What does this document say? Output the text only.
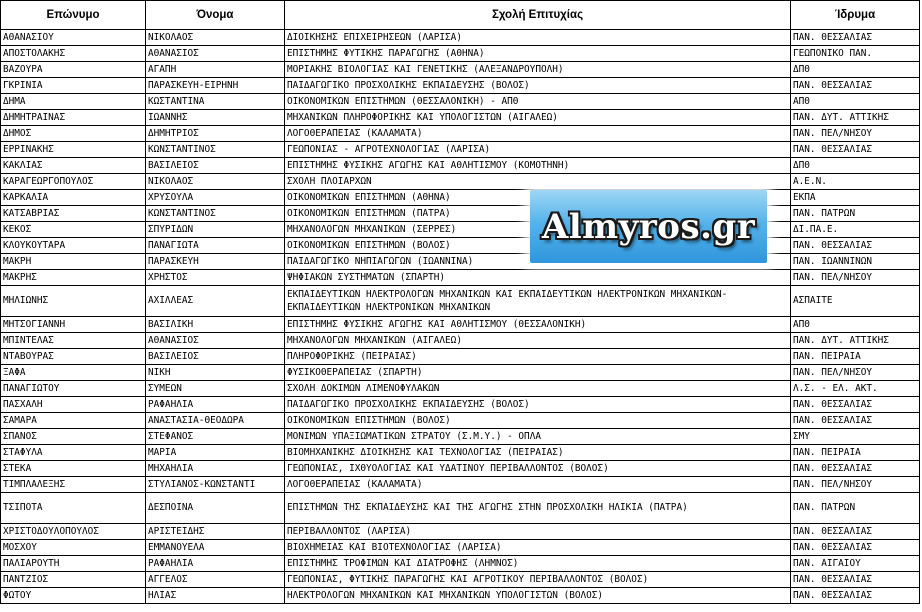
Επώνυμο	Όνομα	Σχολή Επιτυχίας	Ίδρυμα
ΑΘΑΝΑΣΙΟΥ	ΝΙΚΟΛΑΟΣ	ΔΙΟΙΚΗΣΗΣ ΕΠΙΧΕΙΡΗΣΕΩΝ (ΛΑΡΙΣΑ)	ΠΑΝ. ΘΕΣΣΑΛΙΑΣ
ΑΠΟΣΤΟΛΑΚΗΣ	ΑΘΑΝΑΣΙΟΣ	ΕΠΙΣΤΗΜΗΣ ΦΥΤΙΚΗΣ ΠΑΡΑΓΩΓΗΣ (ΑΘΗΝΑ)	ΓΕΩΠΟΝΙΚΟ ΠΑΝ.
ΒΑΖΟΥΡΑ	ΑΓΑΠΗ	ΜΟΡΙΑΚΗΣ ΒΙΟΛΟΓΙΑΣ ΚΑΙ ΓΕΝΕΤΙΚΗΣ (ΑΛΕΞΑΝΔΡΟΥΠΟΛΗ)	ΔΠΘ
ΓΚΡΙΝΙΑ	ΠΑΡΑΣΚΕΥΗ-ΕΙΡΗΝΗ	ΠΑΙΔΑΓΩΓΙΚΟ ΠΡΟΣΧΟΛΙΚΗΣ ΕΚΠΑΙΔΕΥΣΗΣ (ΒΟΛΟΣ)	ΠΑΝ. ΘΕΣΣΑΛΙΑΣ
ΔΗΜΑ	ΚΩΣΤΑΝΤΙΝΑ	ΟΙΚΟΝΟΜΙΚΩΝ ΕΠΙΣΤΗΜΩΝ (ΘΕΣΣΑΛΟΝΙΚΗ) - ΑΠΘ	ΑΠΘ
ΔΗΜΗΤΡΑΙΝΑΣ	ΙΩΑΝΝΗΣ	ΜΗΧΑΝΙΚΩΝ ΠΛΗΡΟΦΟΡΙΚΗΣ ΚΑΙ ΥΠΟΛΟΓΙΣΤΩΝ (ΑΙΓΑΛΕΩ)	ΠΑΝ. ΔΥΤ. ΑΤΤΙΚΗΣ
ΔΗΜΟΣ	ΔΗΜΗΤΡΙΟΣ	ΛΟΓΟΘΕΡΑΠΕΙΑΣ (ΚΑΛΑΜΑΤΑ)	ΠΑΝ. ΠΕΛ/ΝΗΣΟΥ
ΕΡΡΙΝΑΚΗΣ	ΚΩΝΣΤΑΝΤΙΝΟΣ	ΓΕΩΠΟΝΙΑΣ - ΑΓΡΟΤΕΧΝΟΛΟΓΙΑΣ (ΛΑΡΙΣΑ)	ΠΑΝ. ΘΕΣΣΑΛΙΑΣ
ΚΑΚΛΙΑΣ	ΒΑΣΙΛΕΙΟΣ	ΕΠΙΣΤΗΜΗΣ ΦΥΣΙΚΗΣ ΑΓΩΓΗΣ ΚΑΙ ΑΘΛΗΤΙΣΜΟΥ (ΚΟΜΟΤΗΝΗ)	ΔΠΘ
ΚΑΡΑΓΕΩΡΓΟΠΟΥΛΟΣ	ΝΙΚΟΛΑΟΣ	ΣΧΟΛΗ ΠΛΟΙΑΡΧΩΝ	Α.Ε.Ν.
ΚΑΡΚΑΛΙΑ	ΧΡΥΣΟΥΛΑ	ΟΙΚΟΝΟΜΙΚΩΝ ΕΠΙΣΤΗΜΩΝ (ΑΘΗΝΑ)	ΕΚΠΑ
ΚΑΤΣΑΒΡΙΑΣ	ΚΩΝΣΤΑΝΤΙΝΟΣ	ΟΙΚΟΝΟΜΙΚΩΝ ΕΠΙΣΤΗΜΩΝ (ΠΑΤΡΑ)	ΠΑΝ. ΠΑΤΡΩΝ
ΚΕΚΟΣ	ΣΠΥΡΙΔΩΝ	ΜΗΧΑΝΟΛΟΓΩΝ ΜΗΧΑΝΙΚΩΝ (ΣΕΡΡΕΣ)	ΔΙ.ΠΑ.Ε.
ΚΛΟΥΚΟΥΤΑΡΑ	ΠΑΝΑΓΙΩΤΑ	ΟΙΚΟΝΟΜΙΚΩΝ ΕΠΙΣΤΗΜΩΝ (ΒΟΛΟΣ)	ΠΑΝ. ΘΕΣΣΑΛΙΑΣ
ΜΑΚΡΗ	ΠΑΡΑΣΚΕΥΗ	ΠΑΙΔΑΓΩΓΙΚΟ ΝΗΠΙΑΓΩΓΩΝ (ΙΩΑΝΝΙΝΑ)	ΠΑΝ. ΙΩΑΝΝΙΝΩΝ
ΜΑΚΡΗΣ	ΧΡΗΣΤΟΣ	ΨΗΦΙΑΚΩΝ ΣΥΣΤΗΜΑΤΩΝ (ΣΠΑΡΤΗ)	ΠΑΝ. ΠΕΛ/ΝΗΣΟΥ
ΜΗΛΙΩΝΗΣ	ΑΧΙΛΛΕΑΣ	ΕΚΠΑΙΔΕΥΤΙΚΩΝ ΗΛΕΚΤΡΟΛΟΓΩΝ ΜΗΧΑΝΙΚΩΝ ΚΑΙ ΕΚΠΑΙΔΕΥΤΙΚΩΝ ΗΛΕΚΤΡΟΝΙΚΩΝ ΜΗΧΑΝΙΚΩΝ- ΕΚΠΑΙΔΕΥΤΙΚΩΝ ΗΛΕΚΤΡΟΝΙΚΩΝ ΜΗΧΑΝΙΚΩΝ	ΑΣΠΑΙΤΕ
ΜΗΤΣΟΓΙΑΝΝΗ	ΒΑΣΙΛΙΚΗ	ΕΠΙΣΤΗΜΗΣ ΦΥΣΙΚΗΣ ΑΓΩΓΗΣ ΚΑΙ ΑΘΛΗΤΙΣΜΟΥ (ΘΕΣΣΑΛΟΝΙΚΗ)	ΑΠΘ
ΜΠΙΝΤΕΛΑΣ	ΑΘΑΝΑΣΙΟΣ	ΜΗΧΑΝΟΛΟΓΩΝ ΜΗΧΑΝΙΚΩΝ (ΑΙΓΑΛΕΩ)	ΠΑΝ. ΔΥΤ. ΑΤΤΙΚΗΣ
ΝΤΑΒΟΥΡΑΣ	ΒΑΣΙΛΕΙΟΣ	ΠΛΗΡΟΦΟΡΙΚΗΣ (ΠΕΙΡΑΙΑΣ)	ΠΑΝ. ΠΕΙΡΑΙΑ
ΞΑΦΑ	ΝΙΚΗ	ΦΥΣΙΚΟΘΕΡΑΠΕΙΑΣ (ΣΠΑΡΤΗ)	ΠΑΝ. ΠΕΛ/ΝΗΣΟΥ
ΠΑΝΑΓΙΩΤΟΥ	ΣΥΜΕΩΝ	ΣΧΟΛΗ ΔΟΚΙΜΩΝ ΛΙΜΕΝΟΦΥΛΑΚΩΝ	Λ.Σ. - ΕΛ. ΑΚΤ.
ΠΑΣΧΑΛΗ	ΡΑΦΑΗΛΙΑ	ΠΑΙΔΑΓΩΓΙΚΟ ΠΡΟΣΧΟΛΙΚΗΣ ΕΚΠΑΙΔΕΥΣΗΣ (ΒΟΛΟΣ)	ΠΑΝ. ΘΕΣΣΑΛΙΑΣ
ΣΑΜΑΡΑ	ΑΝΑΣΤΑΣΙΑ-ΘΕΟΔΩΡΑ	ΟΙΚΟΝΟΜΙΚΩΝ ΕΠΙΣΤΗΜΩΝ (ΒΟΛΟΣ)	ΠΑΝ. ΘΕΣΣΑΛΙΑΣ
ΣΠΑΝΟΣ	ΣΤΕΦΑΝΟΣ	ΜΟΝΙΜΩΝ ΥΠΑΞΙΩΜΑΤΙΚΩΝ ΣΤΡΑΤΟΥ (Σ.Μ.Υ.) - ΟΠΛΑ	ΣΜΥ
ΣΤΑΦΥΛΑ	ΜΑΡΙΑ	ΒΙΟΜΗΧΑΝΙΚΗΣ ΔΙΟΙΚΗΣΗΣ ΚΑΙ ΤΕΧΝΟΛΟΓΙΑΣ (ΠΕΙΡΑΙΑΣ)	ΠΑΝ. ΠΕΙΡΑΙΑ
ΣΤΕΚΑ	ΜΗΧΑΗΛΙΑ	ΓΕΩΠΟΝΙΑΣ, ΙΧΘΥΟΛΟΓΙΑΣ ΚΑΙ ΥΔΑΤΙΝΟΥ ΠΕΡΙΒΑΛΛΟΝΤΟΣ (ΒΟΛΟΣ)	ΠΑΝ. ΘΕΣΣΑΛΙΑΣ
ΤΙΜΠΛΑΛΕΞΗΣ	ΣΤΥΛΙΑΝΟΣ-ΚΩΝΣΤΑΝΤΙ	ΛΟΓΟΘΕΡΑΠΕΙΑΣ (ΚΑΛΑΜΑΤΑ)	ΠΑΝ. ΠΕΛ/ΝΗΣΟΥ
ΤΣΙΠΟΤΑ	ΔΕΣΠΟΙΝΑ	ΕΠΙΣΤΗΜΩΝ ΤΗΣ ΕΚΠΑΙΔΕΥΣΗΣ ΚΑΙ ΤΗΣ ΑΓΩΓΗΣ ΣΤΗΝ ΠΡΟΣΧΟΛΙΚΗ ΗΛΙΚΙΑ (ΠΑΤΡΑ)	ΠΑΝ. ΠΑΤΡΩΝ
ΧΡΙΣΤΟΔΟΥΛΟΠΟΥΛΟΣ	ΑΡΙΣΤΕΙΔΗΣ	ΠΕΡΙΒΑΛΛΟΝΤΟΣ (ΛΑΡΙΣΑ)	ΠΑΝ. ΘΕΣΣΑΛΙΑΣ
ΜΟΣΧΟΥ	ΕΜΜΑΝΟΥΕΛΑ	ΒΙΟΧΗΜΕΙΑΣ ΚΑΙ ΒΙΟΤΕΧΝΟΛΟΓΙΑΣ (ΛΑΡΙΣΑ)	ΠΑΝ. ΘΕΣΣΑΛΙΑΣ
ΠΑΛΙΑΡΟΥΤΗ	ΡΑΦΑΗΛΙΑ	ΕΠΙΣΤΗΜΗΣ ΤΡΟΦΙΜΩΝ ΚΑΙ ΔΙΑΤΡΟΦΗΣ (ΛΗΜΝΟΣ)	ΠΑΝ. ΑΙΓΑΙΟΥ
ΠΑΝΤΖΙΟΣ	ΑΓΓΕΛΟΣ	ΓΕΩΠΟΝΙΑΣ, ΦΥΤΙΚΗΣ ΠΑΡΑΓΩΓΗΣ ΚΑΙ ΑΓΡΟΤΙΚΟΥ ΠΕΡΙΒΑΛΛΟΝΤΟΣ (ΒΟΛΟΣ)	ΠΑΝ. ΘΕΣΣΑΛΙΑΣ
ΦΩΤΟΥ	ΗΛΙΑΣ	ΗΛΕΚΤΡΟΛΟΓΩΝ ΜΗΧΑΝΙΚΩΝ ΚΑΙ ΜΗΧΑΝΙΚΩΝ ΥΠΟΛΟΓΙΣΤΩΝ (ΒΟΛΟΣ)	ΠΑΝ. ΘΕΣΣΑΛΙΑΣ
Almyros.gr
